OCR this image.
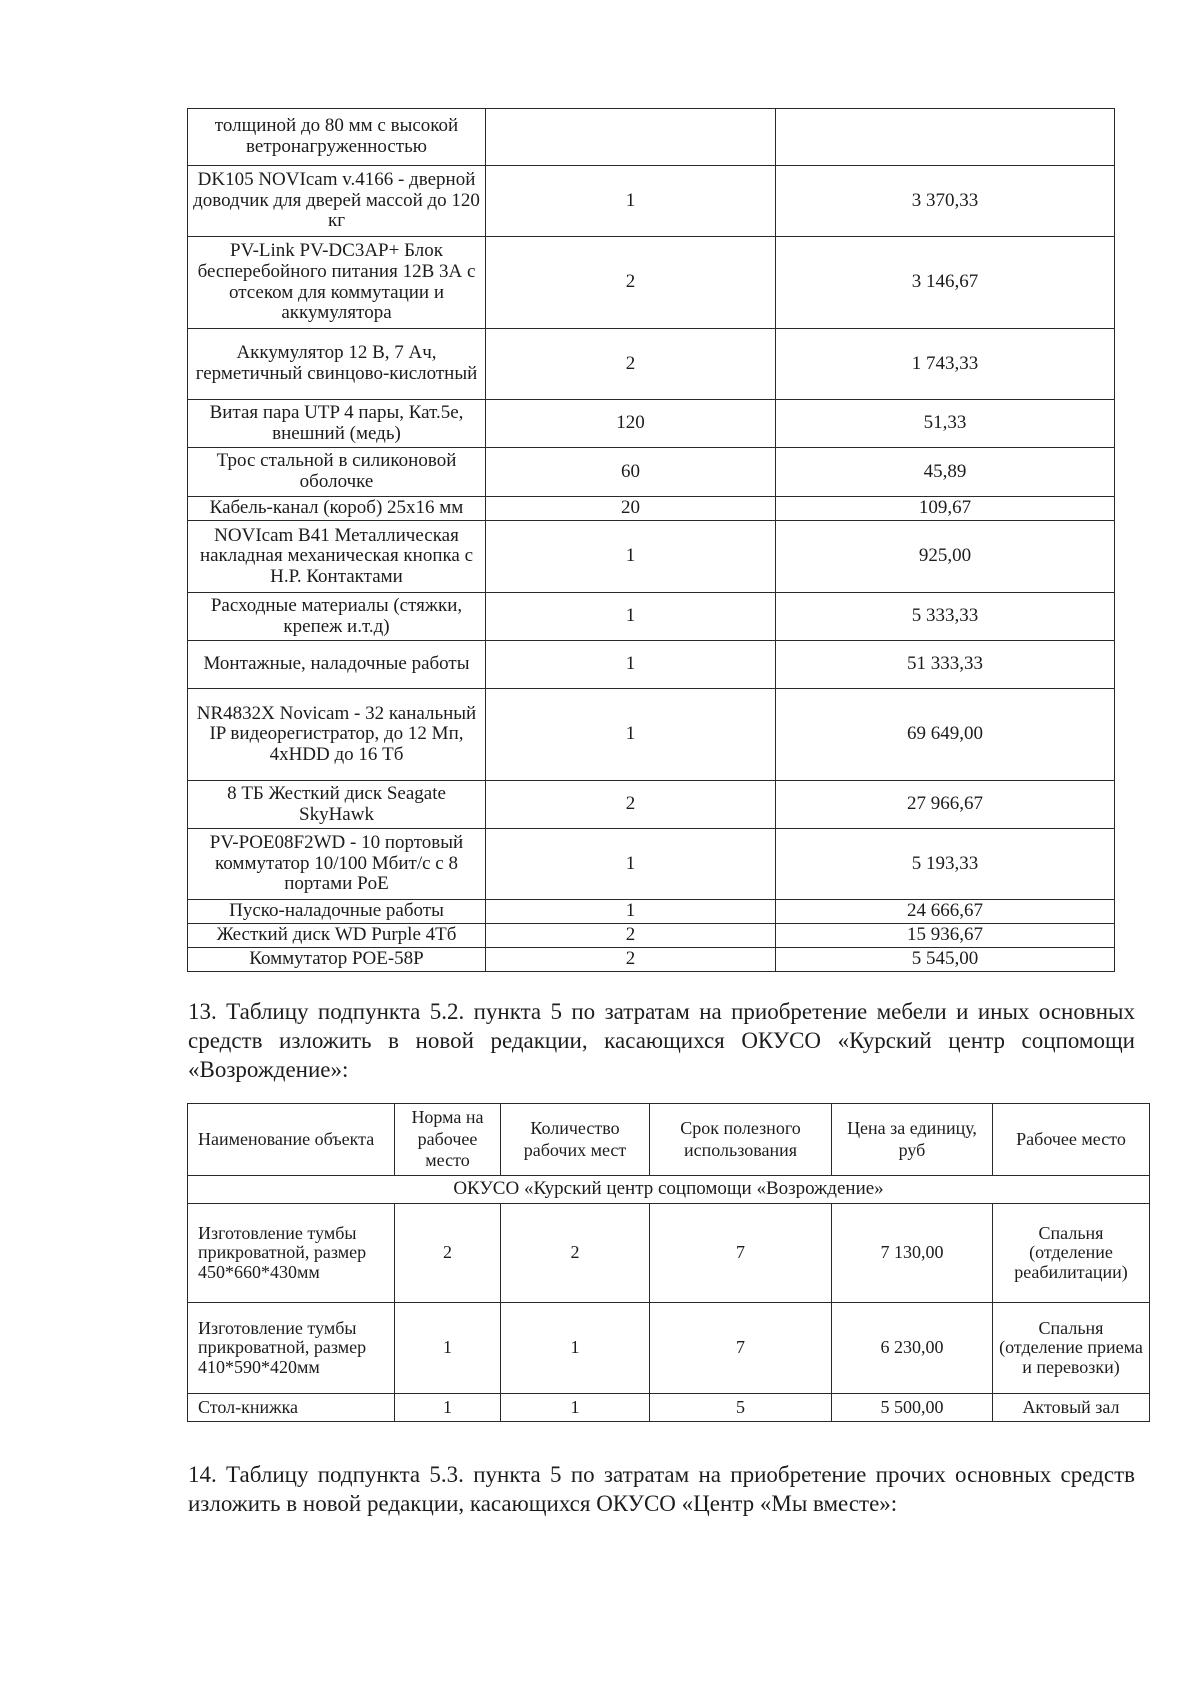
толщиной до 80 мм с высокой ветронагруженностью		
DK105 NOVIcam v.4166 - дверной доводчик для дверей массой до 120 кг	1	3 370,33
PV-Link PV-DC3AP+ Блок бесперебойного питания 12В 3А с отсеком для коммутации и аккумулятора	2	3 146,67
Аккумулятор 12 В, 7 Ач, герметичный свинцово-кислотный	2	1 743,33
Витая пара UTP 4 пары, Кат.5е, внешний (медь)	120	51,33
Трос стальной в силиконовой оболочке	60	45,89
Кабель-канал (короб) 25х16 мм	20	109,67
NOVIcam B41 Металлическая накладная механическая кнопка с Н.Р. Контактами	1	925,00
Расходные материалы (стяжки, крепеж и.т.д)	1	5 333,33
Монтажные, наладочные работы	1	51 333,33
NR4832X Novicam - 32 канальный IP видеорегистратор, до 12 Мп, 4xHDD до 16 Тб	1	69 649,00
8 ТБ Жесткий диск Seagate SkyHawk	2	27 966,67
PV-POE08F2WD - 10 портовый коммутатор 10/100 Мбит/с с 8 портами PoE	1	5 193,33
Пуско-наладочные работы	1	24 666,67
Жесткий диск WD Purple 4Тб	2	15 936,67
Коммутатор POE-58P	2	5 545,00

13. Таблицу подпункта 5.2. пункта 5 по затратам на приобретение мебели и иных основных средств изложить в новой редакции, касающихся ОКУСО «Курский центр соцпомощи «Возрождение»:

Наименование объекта	Норма на рабочее место	Количество рабочих мест	Срок полезного использования	Цена за единицу, руб	Рабочее место
ОКУСО «Курский центр соцпомощи «Возрождение»					
Изготовление тумбы прикроватной, размер 450*660*430мм	2	2	7	7 130,00	Спальня (отделение реабилитации)
Изготовление тумбы прикроватной, размер 410*590*420мм	1	1	7	6 230,00	Спальня (отделение приема и перевозки)
Стол-книжка	1	1	5	5 500,00	Актовый зал

14. Таблицу подпункта 5.3. пункта 5 по затратам на приобретение прочих основных средств изложить в новой редакции, касающихся ОКУСО «Центр «Мы вместе»:
